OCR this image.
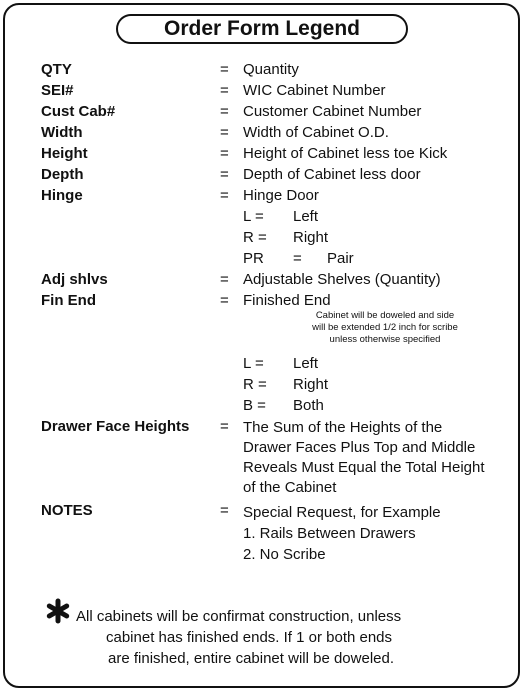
Order Form Legend
QTY	= Quantity
SEI#	= WIC Cabinet Number
Cust Cab#	= Customer Cabinet Number
Width	= Width of Cabinet O.D.
Height	= Height of Cabinet less toe Kick
Depth	= Depth of Cabinet less door
Hinge	= Hinge Door
L = Left
R = Right
PR = Pair
Adj shlvs	= Adjustable Shelves (Quantity)
Fin End	= Finished End
Cabinet will be doweled and side
will be extended 1/2 inch for scribe
unless otherwise specified
L = Left
R = Right
B = Both
Drawer Face Heights = The Sum of the Heights of the
Drawer Faces Plus Top and Middle
Reveals Must Equal the Total Height
of the Cabinet
NOTES	= Special Request, for Example
1. Rails Between Drawers
2. No Scribe
All cabinets will be confirmat construction, unless
cabinet has finished ends. If 1 or both ends
are finished, entire cabinet will be doweled.
